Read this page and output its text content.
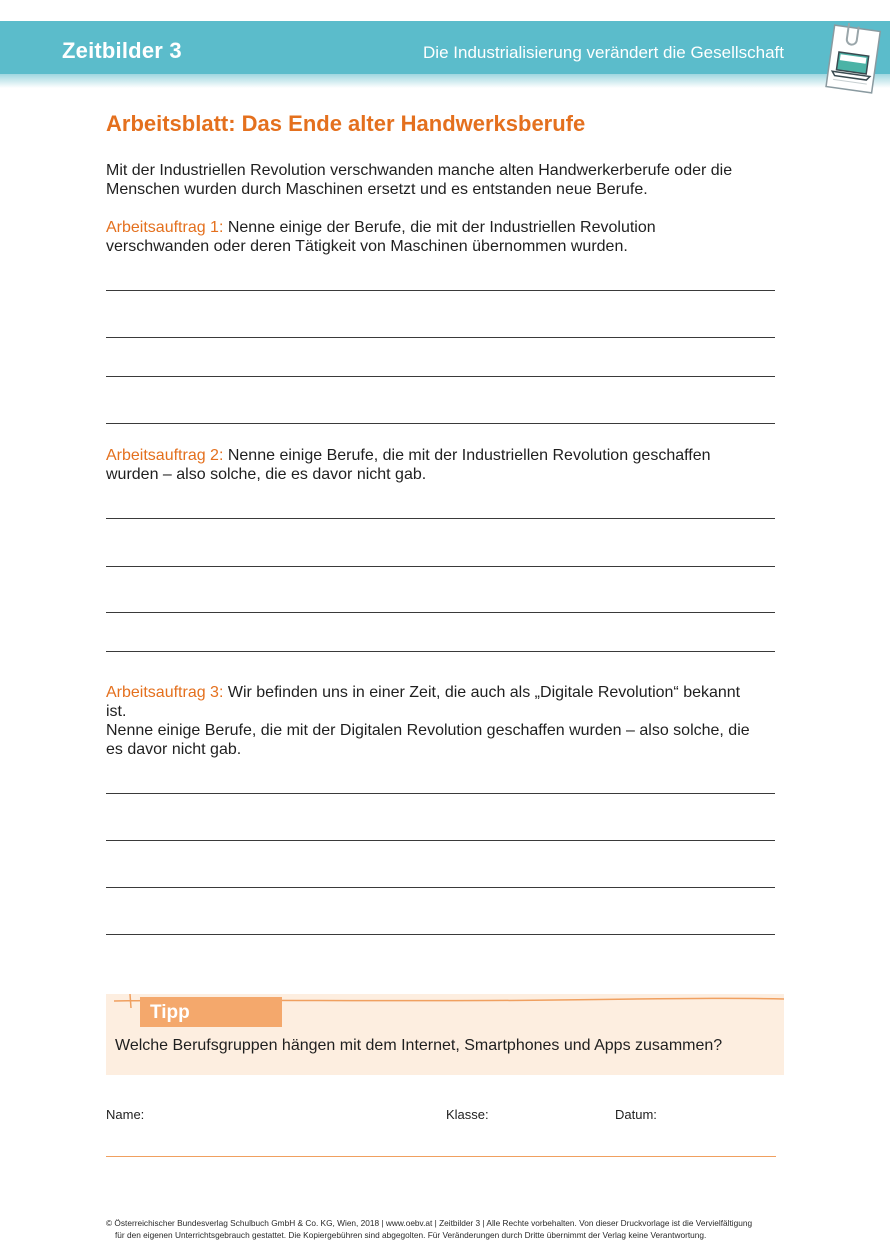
Zeitbilder 3	Die Industrialisierung verändert die Gesellschaft
Arbeitsblatt: Das Ende alter Handwerksberufe
Mit der Industriellen Revolution verschwanden manche alten Handwerkerberufe oder die
Menschen wurden durch Maschinen ersetzt und es entstanden neue Berufe.
Arbeitsauftrag 1: Nenne einige der Berufe, die mit der Industriellen Revolution
verschwanden oder deren Tätigkeit von Maschinen übernommen wurden.
Arbeitsauftrag 2: Nenne einige Berufe, die mit der Industriellen Revolution geschaffen
wurden – also solche, die es davor nicht gab.
Arbeitsauftrag 3: Wir befinden uns in einer Zeit, die auch als „Digitale Revolution“ bekannt
ist.
Nenne einige Berufe, die mit der Digitalen Revolution geschaffen wurden – also solche, die
es davor nicht gab.
Tipp
Welche Berufsgruppen hängen mit dem Internet, Smartphones und Apps zusammen?
Name:	Klasse:	Datum:
© Österreichischer Bundesverlag Schulbuch GmbH & Co. KG, Wien, 2018 | www.oebv.at | Zeitbilder 3 | Alle Rechte vorbehalten. Von dieser Druckvorlage ist die Vervielfältigung
für den eigenen Unterrichtsgebrauch gestattet. Die Kopiergebühren sind abgegolten. Für Veränderungen durch Dritte übernimmt der Verlag keine Verantwortung.
